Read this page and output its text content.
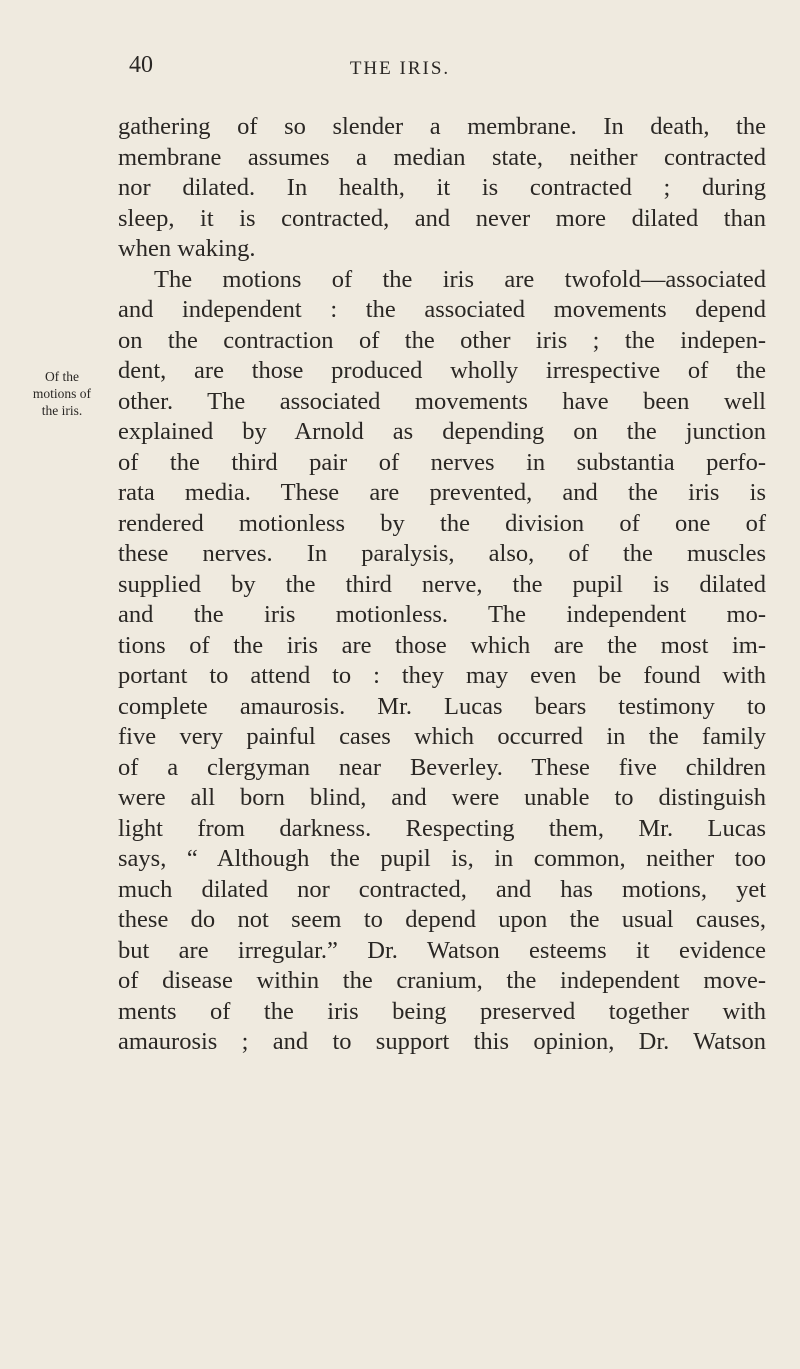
40	THE IRIS.
Of the
motions of
the iris.
gathering of so slender a membrane. In death, the
membrane assumes a median state, neither contracted
nor dilated. In health, it is contracted ; during
sleep, it is contracted, and never more dilated than
when waking.
The motions of the iris are twofold—associated
and independent : the associated movements depend
on the contraction of the other iris ; the indepen-
dent, are those produced wholly irrespective of the
other. The associated movements have been well
explained by Arnold as depending on the junction
of the third pair of nerves in substantia perfo-
rata media. These are prevented, and the iris is
rendered motionless by the division of one of
these nerves. In paralysis, also, of the muscles
supplied by the third nerve, the pupil is dilated
and the iris motionless. The independent mo-
tions of the iris are those which are the most im-
portant to attend to : they may even be found with
complete amaurosis. Mr. Lucas bears testimony to
five very painful cases which occurred in the family
of a clergyman near Beverley. These five children
were all born blind, and were unable to distinguish
light from darkness. Respecting them, Mr. Lucas
says, “ Although the pupil is, in common, neither too
much dilated nor contracted, and has motions, yet
these do not seem to depend upon the usual causes,
but are irregular.” Dr. Watson esteems it evidence
of disease within the cranium, the independent move-
ments of the iris being preserved together with
amaurosis ; and to support this opinion, Dr. Watson
